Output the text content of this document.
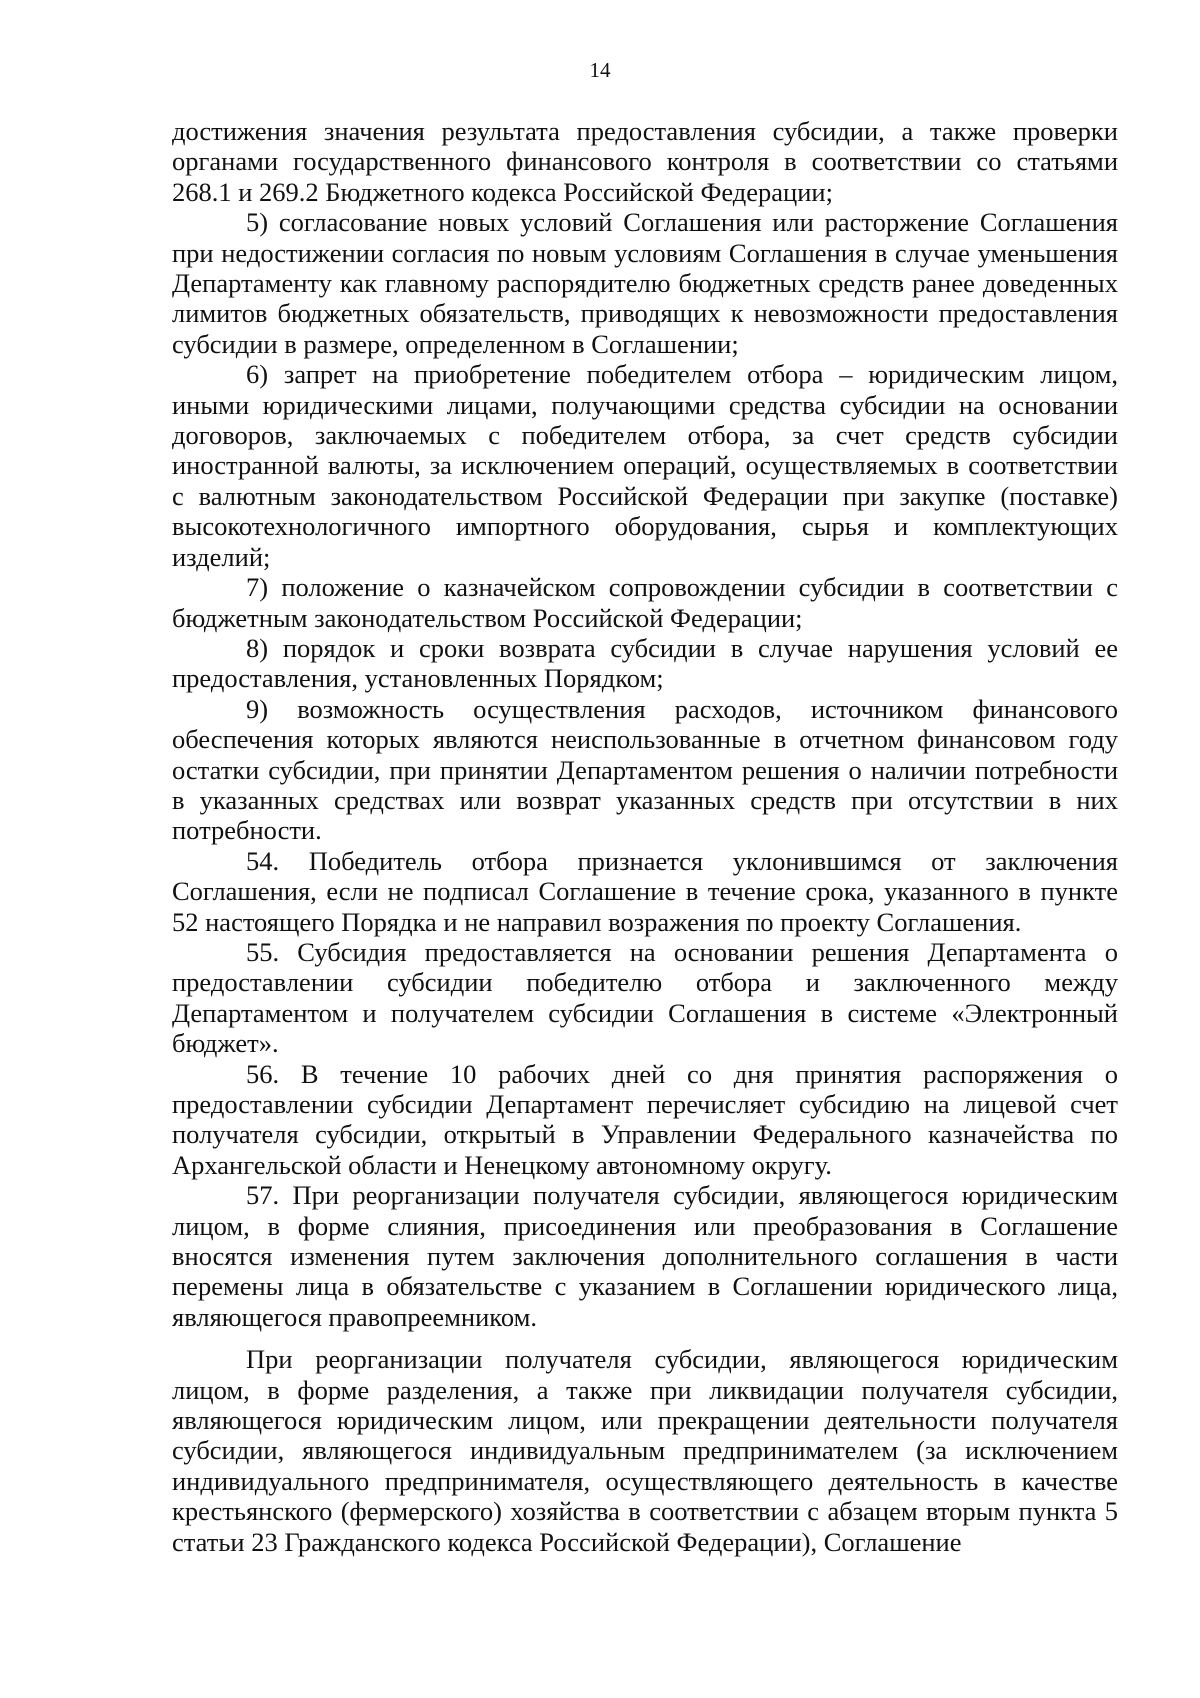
14

достижения значения результата предоставления субсидии, а также проверки органами государственного финансового контроля в соответствии со статьями 268.1 и 269.2 Бюджетного кодекса Российской Федерации;

5) согласование новых условий Соглашения или расторжение Соглашения при недостижении согласия по новым условиям Соглашения в случае уменьшения Департаменту как главному распорядителю бюджетных средств ранее доведенных лимитов бюджетных обязательств, приводящих к невозможности предоставления субсидии в размере, определенном в Соглашении;

6) запрет на приобретение победителем отбора – юридическим лицом, иными юридическими лицами, получающими средства субсидии на основании договоров, заключаемых с победителем отбора, за счет средств субсидии иностранной валюты, за исключением операций, осуществляемых в соответствии с валютным законодательством Российской Федерации при закупке (поставке) высокотехнологичного импортного оборудования, сырья и комплектующих изделий;

7) положение о казначейском сопровождении субсидии в соответствии с бюджетным законодательством Российской Федерации;

8) порядок и сроки возврата субсидии в случае нарушения условий ее предоставления, установленных Порядком;

9) возможность осуществления расходов, источником финансового обеспечения которых являются неиспользованные в отчетном финансовом году остатки субсидии, при принятии Департаментом решения о наличии потребности в указанных средствах или возврат указанных средств при отсутствии в них потребности.

54. Победитель отбора признается уклонившимся от заключения Соглашения, если не подписал Соглашение в течение срока, указанного в пункте 52 настоящего Порядка и не направил возражения по проекту Соглашения.

55. Субсидия предоставляется на основании решения Департамента о предоставлении субсидии победителю отбора и заключенного между Департаментом и получателем субсидии Соглашения в системе «Электронный бюджет».

56. В течение 10 рабочих дней со дня принятия распоряжения о предоставлении субсидии Департамент перечисляет субсидию на лицевой счет получателя субсидии, открытый в Управлении Федерального казначейства по Архангельской области и Ненецкому автономному округу.

57. При реорганизации получателя субсидии, являющегося юридическим лицом, в форме слияния, присоединения или преобразования в Соглашение вносятся изменения путем заключения дополнительного соглашения в части перемены лица в обязательстве с указанием в Соглашении юридического лица, являющегося правопреемником.

При реорганизации получателя субсидии, являющегося юридическим лицом, в форме разделения, а также при ликвидации получателя субсидии, являющегося юридическим лицом, или прекращении деятельности получателя субсидии, являющегося индивидуальным предпринимателем (за исключением индивидуального предпринимателя, осуществляющего деятельность в качестве крестьянского (фермерского) хозяйства в соответствии с абзацем вторым пункта 5 статьи 23 Гражданского кодекса Российской Федерации), Соглашение
